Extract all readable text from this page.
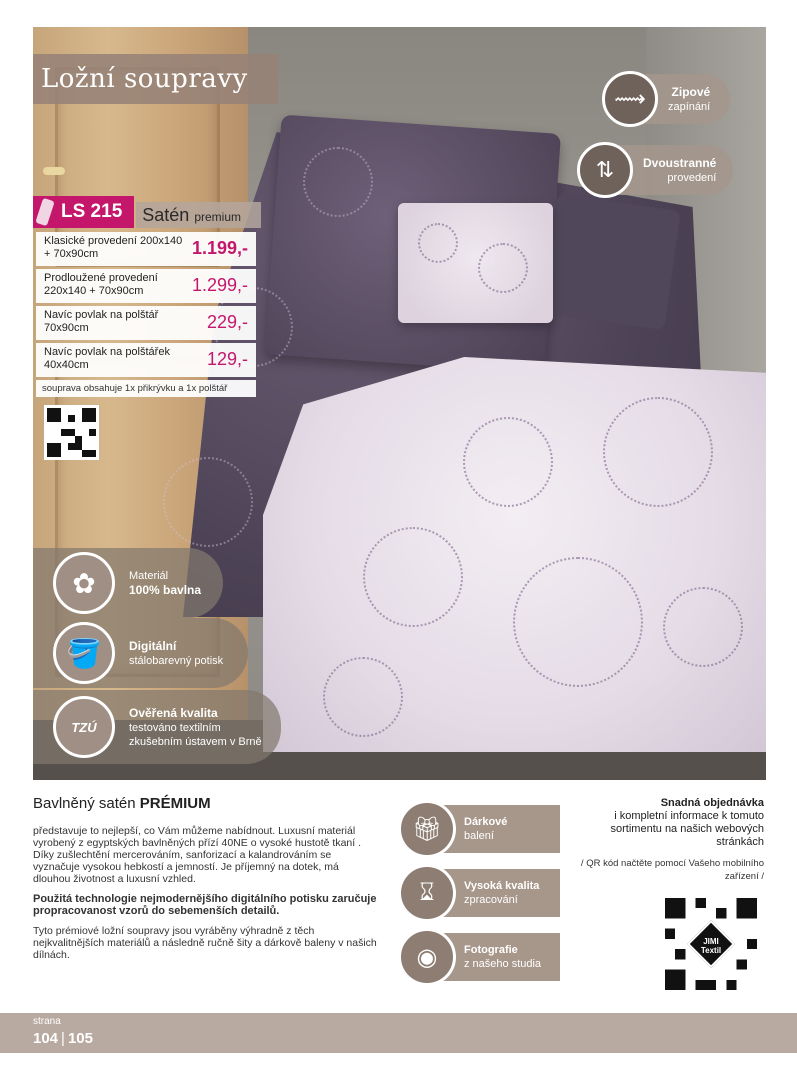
Ložní soupravy
LS 215	Satén premium
Klasické provedení 200x140 + 70x90cm	1.199,-
Prodloužené provedení 220x140 + 70x90cm	1.299,-
Navíc povlak na polštář 70x90cm	229,-
Navíc povlak na polštářek 40x40cm	129,-
souprava obsahuje 1x přikrývku a 1x polštář
⟿	Zipové
zapínání
⇅	Dvoustranné
provedení
✿	Materiál
100% bavlna
🪣	Digitální
stálobarevný potisk
TZÚ
Ověřená kvalita
testováno textilním zkušebním ústavem v Brně
Bavlněný satén PRÉMIUM

představuje to nejlepší, co Vám můžeme nabídnout. Luxusní materiál vyrobený z egyptských bavlněných přízí 40NE o vysoké hustotě tkaní . Díky zušlechtění mercerováním, sanforizací a kalandrováním se vyznačuje vysokou hebkostí a jemností. Je příjemný na dotek, má dlouhou životnost a luxusní vzhled.

Použitá technologie nejmodernějšího digitálního potisku zaručuje propracovanost vzorů do sebemenších detailů.

Tyto prémiové ložní soupravy jsou vyráběny výhradně z těch nejkvalitnějších materiálů a následně ručně šity a dárkově baleny v našich dílnách.

🎁︎	Dárkové
balení
⌛︎	Vysoká kvalita
zpracování
◉	Fotografie
z našeho studia
Snadná objednávka
i kompletní informace k tomuto sortimentu na našich webových stránkách
/ QR kód načtěte pomocí Vašeho mobilního zařízení /
JIMI Textil
strana
104 | 105
